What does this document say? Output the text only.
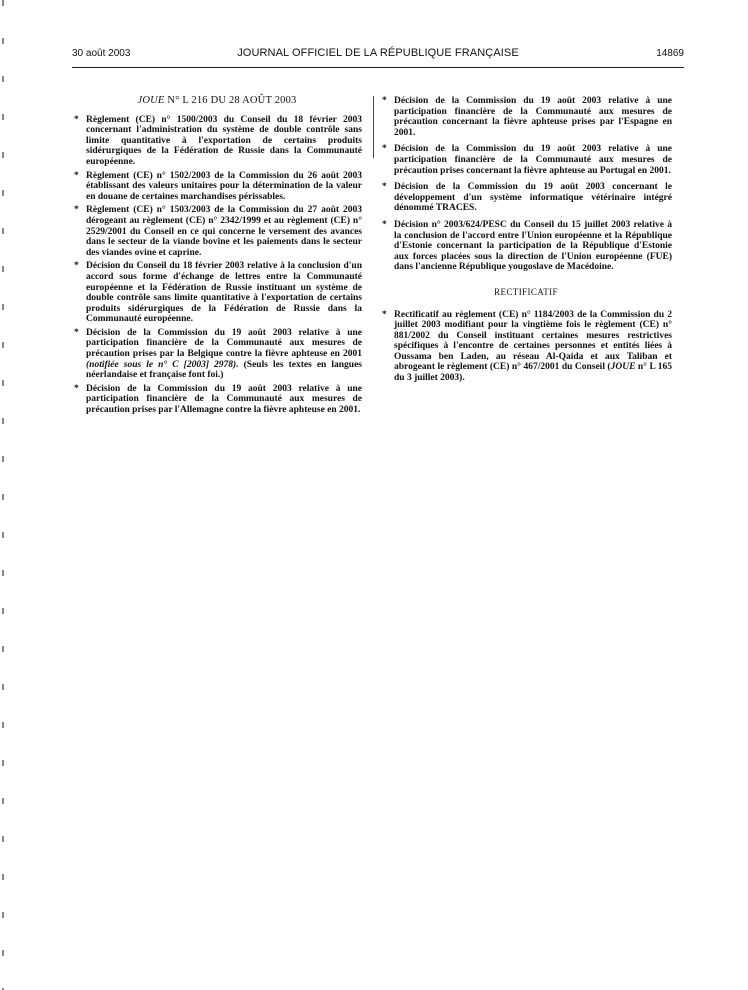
30 août 2003	JOURNAL OFFICIEL DE LA RÉPUBLIQUE FRANÇAISE	14869
JOUE N° L 216 DU 28 AOÛT 2003
* Règlement (CE) n° 1500/2003 du Conseil du 18 février 2003 concernant l'administration du système de double contrôle sans limite quantitative à l'exportation de certains produits sidérurgiques de la Fédération de Russie dans la Communauté européenne.
* Règlement (CE) n° 1502/2003 de la Commission du 26 août 2003 établissant des valeurs unitaires pour la détermination de la valeur en douane de certaines marchandises périssables.
* Règlement (CE) n° 1503/2003 de la Commission du 27 août 2003 dérogeant au règlement (CE) n° 2342/1999 et au règlement (CE) n° 2529/2001 du Conseil en ce qui concerne le versement des avances dans le secteur de la viande bovine et les paiements dans le secteur des viandes ovine et caprine.
* Décision du Conseil du 18 février 2003 relative à la conclusion d'un accord sous forme d'échange de lettres entre la Communauté européenne et la Fédération de Russie instituant un système de double contrôle sans limite quantitative à l'exportation de certains produits sidérurgiques de la Fédération de Russie dans la Communauté européenne.
* Décision de la Commission du 19 août 2003 relative à une participation financière de la Communauté aux mesures de précaution prises par la Belgique contre la fièvre aphteuse en 2001 (notifiée sous le n° C [2003] 2978). (Seuls les textes en langues néerlandaise et française font foi.)
* Décision de la Commission du 19 août 2003 relative à une participation financière de la Communauté aux mesures de précaution prises par l'Allemagne contre la fièvre aphteuse en 2001.
* Décision de la Commission du 19 août 2003 relative à une participation financière de la Communauté aux mesures de précaution concernant la fièvre aphteuse prises par l'Espagne en 2001.
* Décision de la Commission du 19 août 2003 relative à une participation financière de la Communauté aux mesures de précaution prises concernant la fièvre aphteuse au Portugal en 2001.
* Décision de la Commission du 19 août 2003 concernant le développement d'un système informatique vétérinaire intégré dénommé TRACES.
* Décision n° 2003/624/PESC du Conseil du 15 juillet 2003 relative à la conclusion de l'accord entre l'Union européenne et la République d'Estonie concernant la participation de la République d'Estonie aux forces placées sous la direction de l'Union européenne (FUE) dans l'ancienne République yougoslave de Macédoine.
RECTIFICATIF
* Rectificatif au règlement (CE) n° 1184/2003 de la Commission du 2 juillet 2003 modifiant pour la vingtième fois le règlement (CE) n° 881/2002 du Conseil instituant certaines mesures restrictives spécifiques à l'encontre de certaines personnes et entités liées à Oussama ben Laden, au réseau Al-Qaida et aux Taliban et abrogeant le règlement (CE) n° 467/2001 du Conseil (JOUE n° L 165 du 3 juillet 2003).
